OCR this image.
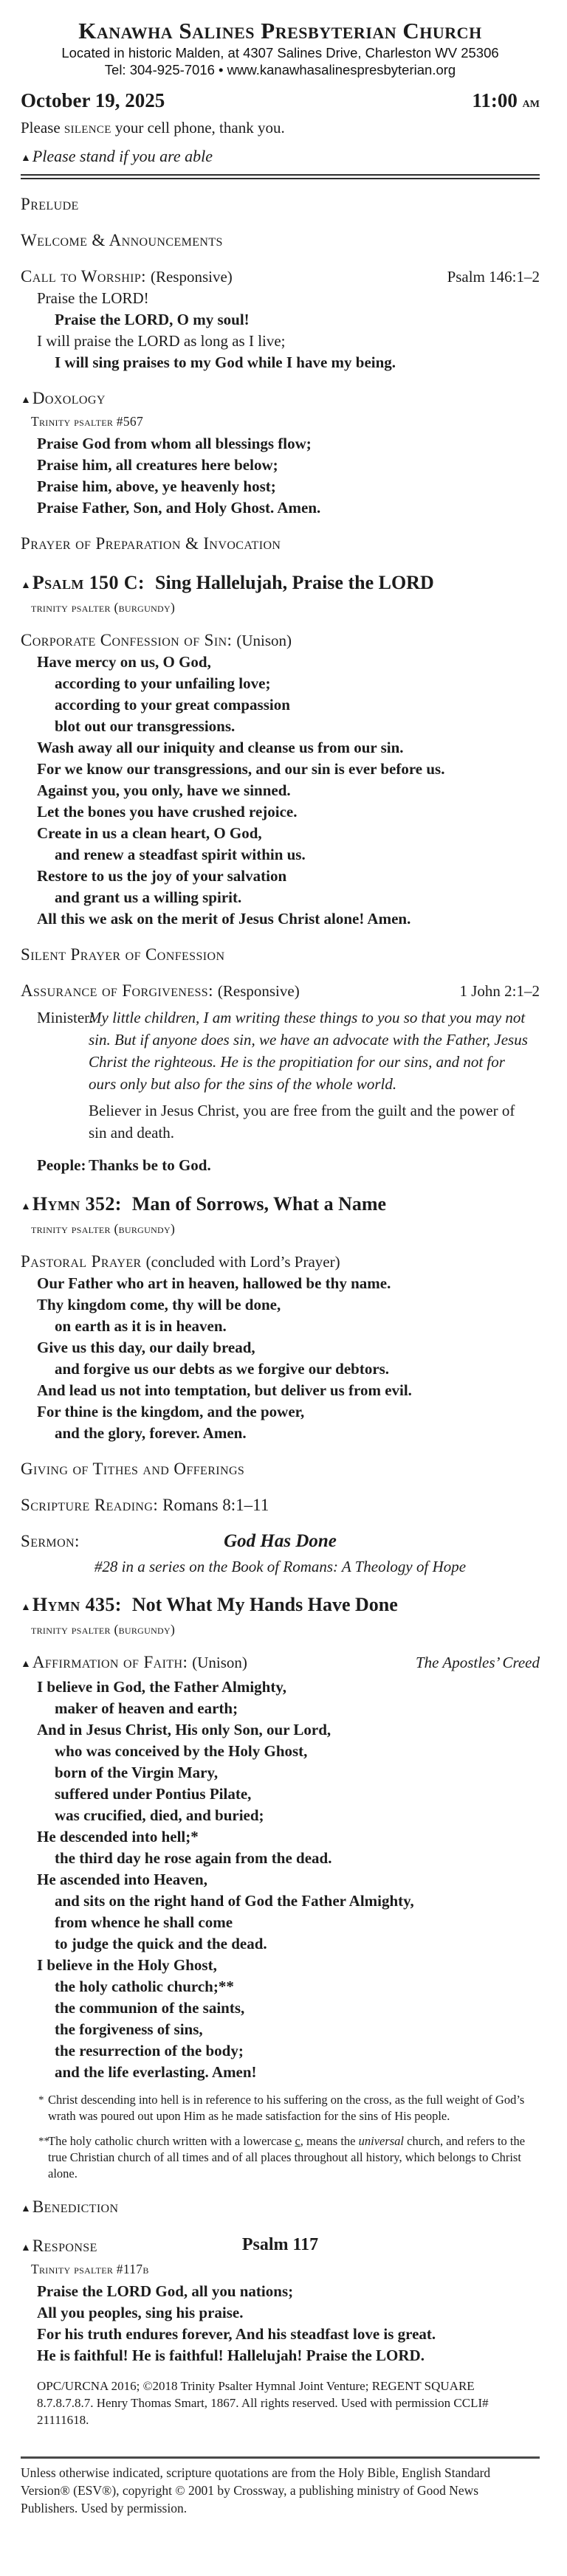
Kanawha Salines Presbyterian Church
Located in historic Malden, at 4307 Salines Drive, Charleston WV 25306
Tel: 304-925-7016 • www.kanawhasalinespresbyterian.org
October 19, 2025	11:00 am
Please silence your cell phone, thank you.
▲Please stand if you are able
Prelude
Welcome & Announcements
Call to Worship: (Responsive)	Psalm 146:1–2
Praise the LORD!
Praise the LORD, O my soul!
I will praise the LORD as long as I live;
I will sing praises to my God while I have my being.
▲Doxology
Trinity psalter #567
Praise God from whom all blessings flow;
Praise him, all creatures here below;
Praise him, above, ye heavenly host;
Praise Father, Son, and Holy Ghost. Amen.
Prayer of Preparation & Invocation
▲Psalm 150 C: Sing Hallelujah, Praise the LORD
trinity psalter (burgundy)
Corporate Confession of Sin: (Unison)
Have mercy on us, O God,
according to your unfailing love;
according to your great compassion
blot out our transgressions.
Wash away all our iniquity and cleanse us from our sin.
For we know our transgressions, and our sin is ever before us.
Against you, you only, have we sinned.
Let the bones you have crushed rejoice.
Create in us a clean heart, O God,
and renew a steadfast spirit within us.
Restore to us the joy of your salvation
and grant us a willing spirit.
All this we ask on the merit of Jesus Christ alone! Amen.
Silent Prayer of Confession
Assurance of Forgiveness: (Responsive)	1 John 2:1–2
Minister:
My little children, I am writing these things to you so that you may not sin. But if anyone does sin, we have an advocate with the Father, Jesus Christ the righteous. He is the propitiation for our sins, and not for ours only but also for the sins of the whole world.
Believer in Jesus Christ, you are free from the guilt and the power of sin and death.
People: Thanks be to God.
▲Hymn 352: Man of Sorrows, What a Name
trinity psalter (burgundy)
Pastoral Prayer (concluded with Lord’s Prayer)
Our Father who art in heaven, hallowed be thy name.
Thy kingdom come, thy will be done,
on earth as it is in heaven.
Give us this day, our daily bread,
and forgive us our debts as we forgive our debtors.
And lead us not into temptation, but deliver us from evil.
For thine is the kingdom, and the power,
and the glory, forever. Amen.
Giving of Tithes and Offerings
Scripture Reading: Romans 8:1–11
Sermon:	God Has Done
#28 in a series on the Book of Romans: A Theology of Hope
▲Hymn 435: Not What My Hands Have Done
trinity psalter (burgundy)
▲Affirmation of Faith: (Unison)	The Apostles’ Creed
I believe in God, the Father Almighty,
maker of heaven and earth;
And in Jesus Christ, His only Son, our Lord,
who was conceived by the Holy Ghost,
born of the Virgin Mary,
suffered under Pontius Pilate,
was crucified, died, and buried;
He descended into hell;*
the third day he rose again from the dead.
He ascended into Heaven,
and sits on the right hand of God the Father Almighty,
from whence he shall come
to judge the quick and the dead.
I believe in the Holy Ghost,
the holy catholic church;**
the communion of the saints,
the forgiveness of sins,
the resurrection of the body;
and the life everlasting. Amen!
* Christ descending into hell is in reference to his suffering on the cross, as the full weight of God’s wrath was poured out upon Him as he made satisfaction for the sins of His people.
**
The holy catholic church written with a lowercase c, means the universal church, and refers to the true Christian church of all times and of all places throughout all history, which belongs to Christ alone.
▲Benediction
▲Response	Psalm 117
Trinity psalter #117b
Praise the LORD God, all you nations;
All you peoples, sing his praise.
For his truth endures forever, And his steadfast love is great.
He is faithful! He is faithful! Hallelujah! Praise the LORD.
OPC/URCNA 2016; ©2018 Trinity Psalter Hymnal Joint Venture; REGENT SQUARE 8.7.8.7.8.7. Henry Thomas Smart, 1867. All rights reserved. Used with permission CCLI# 21111618.
Unless otherwise indicated, scripture quotations are from the Holy Bible, English Standard Version® (ESV®), copyright © 2001 by Crossway, a publishing ministry of Good News Publishers. Used by permission.
